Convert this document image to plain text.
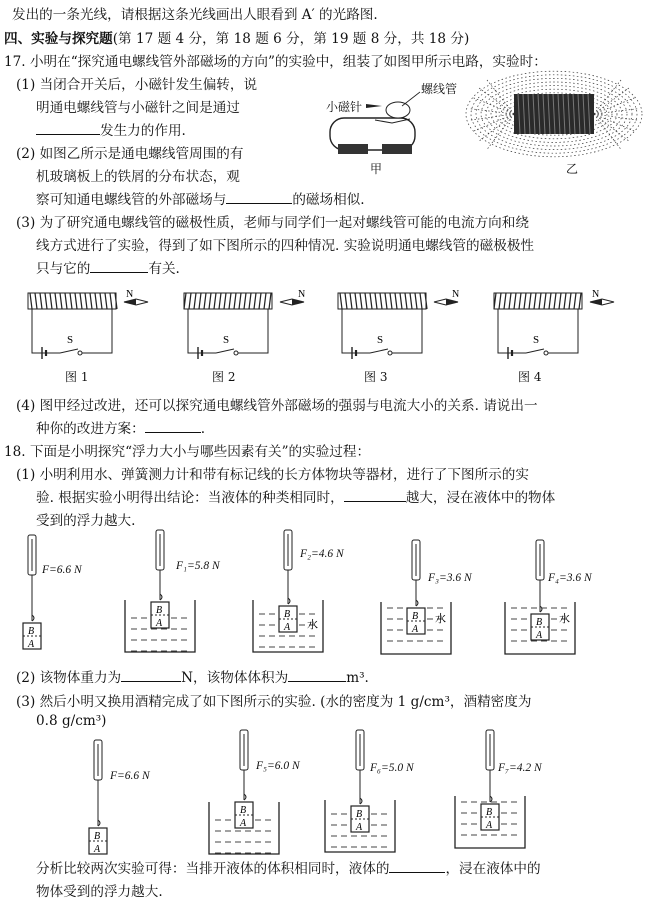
发出的一条光线，请根据这条光线画出人眼看到 A′ 的光路图.
四、实验与探究题(第 17 题 4 分，第 18 题 6 分，第 19 题 8 分，共 18 分)
17. 小明在“探究通电螺线管外部磁场的方向”的实验中，组装了如图甲所示电路，实验时：
(1) 当闭合开关后，小磁针发生偏转，说
明通电螺线管与小磁针之间是通过
发生力的作用.
(2) 如图乙所示是通电螺线管周围的有
机玻璃板上的铁屑的分布状态，观
察可知通电螺线管的外部磁场与	的磁场相似.
螺线管
小磁针
甲	乙
(3) 为了研究通电螺线管的磁极性质，老师与同学们一起对螺线管可能的电流方向和绕
线方式进行了实验，得到了如下图所示的四种情况. 实验说明通电螺线管的磁极极性
只与它的	有关.
S
N
S
N
S
N
S
N
图 1	图 2	图 3	图 4
(4) 图甲经过改进，还可以探究通电螺线管外部磁场的强弱与电流大小的关系. 请说出一
种你的改进方案：	.
18. 下面是小明探究“浮力大小与哪些因素有关”的实验过程：
(1) 小明利用水、弹簧测力计和带有标记线的长方体物块等器材，进行了下图所示的实
验. 根据实验小明得出结论：当液体的种类相同时，	越大，浸在液体中的物体
受到的浮力越大.
B
A
B
A	水
B
A
水
B
A
水
B
A
F=6.6 N	F₁=5.8 N
F₂=4.6 N
F₃=3.6 N	F₄=3.6 N
(2) 该物体重力为	N，该物体体积为	m³.
(3) 然后小明又换用酒精完成了如下图所示的实验. (水的密度为 1 g/cm³，酒精密度为
0.8 g/cm³)
B
A
B
A
B
A
B
A
F=6.6 N
F₅=6.0 N	F₆=5.0 N	F₇=4.2 N
分析比较两次实验可得：当排开液体的体积相同时，液体的	，浸在液体中的
物体受到的浮力越大.
